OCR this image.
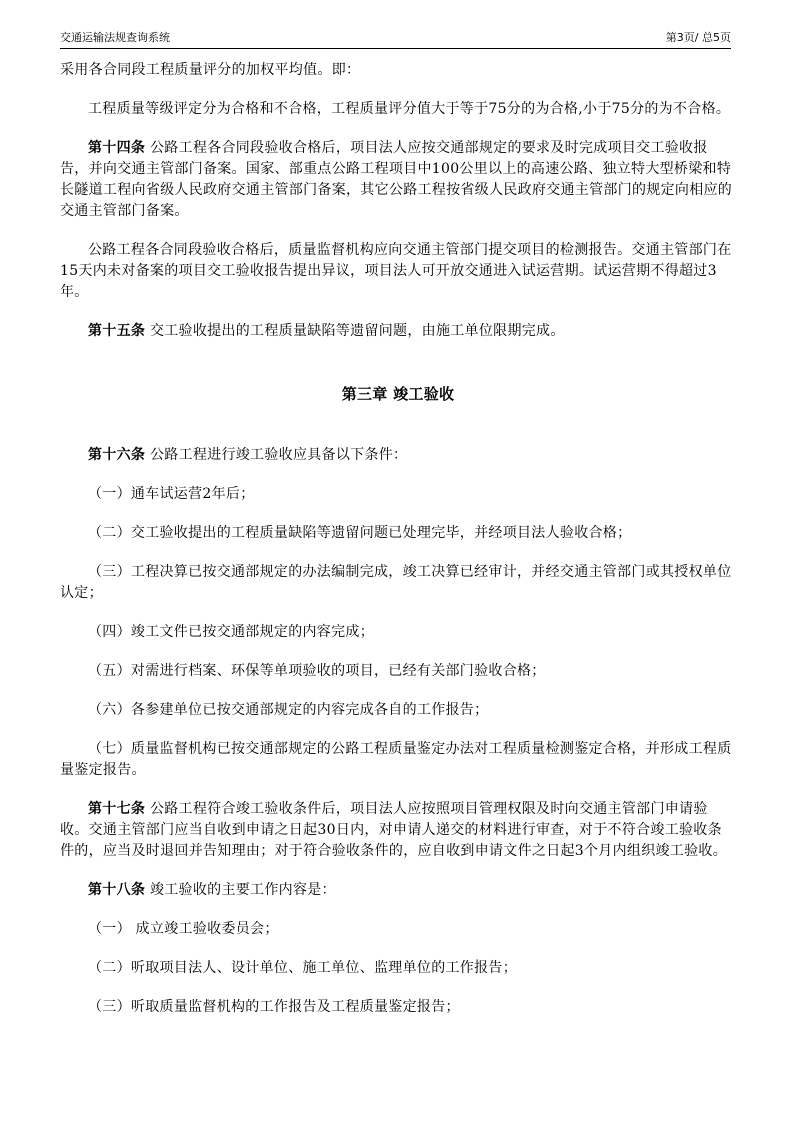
交通运输法规查询系统	第3页/ 总5页

采用各合同段工程质量评分的加权平均值。即：

工程质量等级评定分为合格和不合格，工程质量评分值大于等于75分的为合格,小于75分的为不合格。

第十四条 公路工程各合同段验收合格后，项目法人应按交通部规定的要求及时完成项目交工验收报告，并向交通主管部门备案。国家、部重点公路工程项目中100公里以上的高速公路、独立特大型桥梁和特长隧道工程向省级人民政府交通主管部门备案，其它公路工程按省级人民政府交通主管部门的规定向相应的交通主管部门备案。

公路工程各合同段验收合格后，质量监督机构应向交通主管部门提交项目的检测报告。交通主管部门在15天内未对备案的项目交工验收报告提出异议，项目法人可开放交通进入试运营期。试运营期不得超过3年。

第十五条 交工验收提出的工程质量缺陷等遗留问题，由施工单位限期完成。

第三章 竣工验收

第十六条 公路工程进行竣工验收应具备以下条件：

（一）通车试运营2年后；

（二）交工验收提出的工程质量缺陷等遗留问题已处理完毕，并经项目法人验收合格；

（三）工程决算已按交通部规定的办法编制完成，竣工决算已经审计，并经交通主管部门或其授权单位认定；

（四）竣工文件已按交通部规定的内容完成；

（五）对需进行档案、环保等单项验收的项目，已经有关部门验收合格；

（六）各参建单位已按交通部规定的内容完成各自的工作报告；

（七）质量监督机构已按交通部规定的公路工程质量鉴定办法对工程质量检测鉴定合格，并形成工程质量鉴定报告。

第十七条 公路工程符合竣工验收条件后，项目法人应按照项目管理权限及时向交通主管部门申请验收。交通主管部门应当自收到申请之日起30日内，对申请人递交的材料进行审查，对于不符合竣工验收条件的，应当及时退回并告知理由；对于符合验收条件的，应自收到申请文件之日起3个月内组织竣工验收。

第十八条 竣工验收的主要工作内容是：

（一） 成立竣工验收委员会；

（二）听取项目法人、设计单位、施工单位、监理单位的工作报告；

（三）听取质量监督机构的工作报告及工程质量鉴定报告；
